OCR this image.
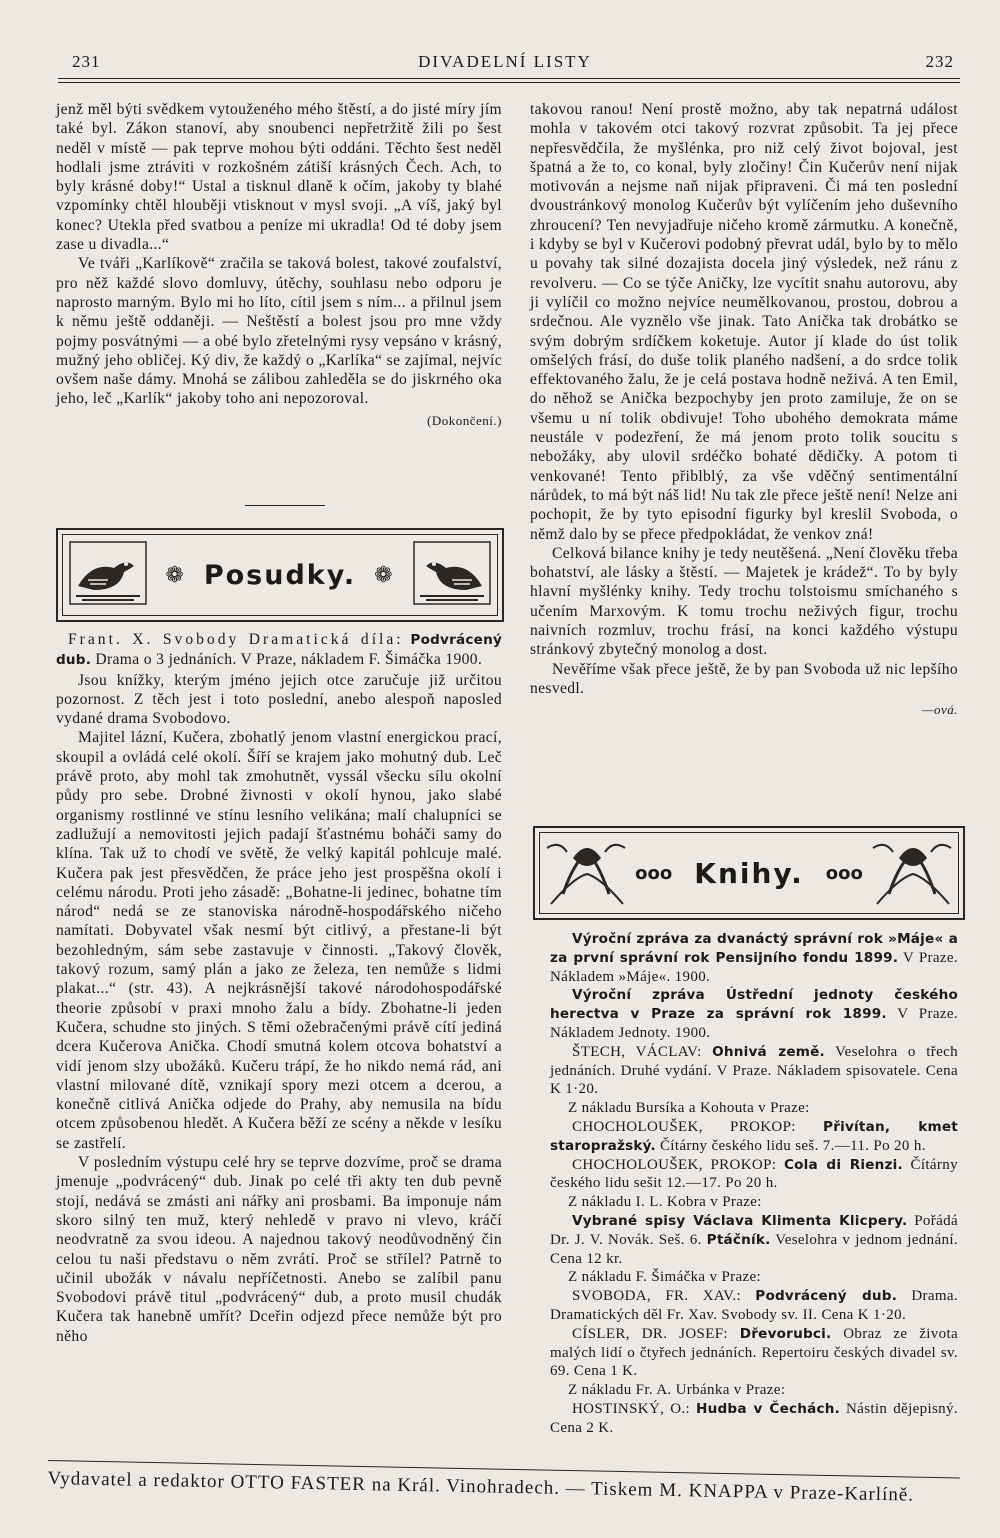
231	DIVADELNÍ LISTY	232

jenž měl býti svědkem vytouženého mého štěstí, a do jisté míry jím také byl. Zákon stanoví, aby snoubenci nepřetržitě žili po šest neděl v místě — pak teprve mohou býti oddáni. Těchto šest neděl hodlali jsme ztráviti v rozkošném zátiší krásných Čech. Ach, to byly krásné doby!“ Ustal a tisknul dlaně k očím, jakoby ty blahé vzpomínky chtěl hlouběji vtisknout v mysl svoji. „A víš, jaký byl konec? Utekla před svatbou a peníze mi ukradla! Od té doby jsem zase u divadla...“

Ve tváři „Karlíkově“ zračila se taková bolest, takové zoufalství, pro něž každé slovo domluvy, útěchy, souhlasu nebo odporu je naprosto marným. Bylo mi ho líto, cítil jsem s ním... a přilnul jsem k němu ještě oddaněji. — Neštěstí a bolest jsou pro mne vždy pojmy posvátnými — a obé bylo zřetelnými rysy vepsáno v krásný, mužný jeho obličej. Ký div, že každý o „Karlíka“ se zajímal, nejvíc ovšem naše dámy. Mnohá se zálibou zahleděla se do jiskrného oka jeho, leč „Karlík“ jakoby toho ani nepozoroval.

(Dokončení.)
❁ Posudky. ❁

Frant. X. Svobody Dramatická díla: Podvrácený dub. Drama o 3 jednáních. V Praze, nákladem F. Šimáčka 1900.

Jsou knížky, kterým jméno jejich otce zaručuje již určitou pozornost. Z těch jest i toto poslední, anebo alespoň naposled vydané drama Svobodovo.

Majitel lázní, Kučera, zbohatlý jenom vlastní energickou prací, skoupil a ovládá celé okolí. Šíří se krajem jako mohutný dub. Leč právě proto, aby mohl tak zmohutnět, vyssál všecku sílu okolní půdy pro sebe. Drobné živnosti v okolí hynou, jako slabé organismy rostlinné ve stínu lesního velikána; malí chalupníci se zadlužují a nemovitosti jejich padají šťastnému boháči samy do klína. Tak už to chodí ve světě, že velký kapitál pohlcuje malé. Kučera pak jest přesvědčen, že práce jeho jest prospěšna okolí i celému národu. Proti jeho zásadě: „Bohatne-li jedinec, bohatne tím národ“ nedá se ze stanoviska národně-hospodářského ničeho namítati. Dobyvatel však nesmí být citlivý, a přestane-li být bezohledným, sám sebe zastavuje v činnosti. „Takový člověk, takový rozum, samý plán a jako ze železa, ten nemůže s lidmi plakat...“ (str. 43). A nejkrásnější takové národohospodářské theorie způsobí v praxi mnoho žalu a bídy. Zbohatne-li jeden Kučera, schudne sto jiných. S těmi ožebračenými právě cítí jediná dcera Kučerova Anička. Chodí smutná kolem otcova bohatství a vidí jenom slzy ubožáků. Kučeru trápí, že ho nikdo nemá rád, ani vlastní milované dítě, vznikají spory mezi otcem a dcerou, a konečně citlivá Anička odjede do Prahy, aby nemusila na bídu otcem způsobenou hledět. A Kučera běží ze scény a někde v lesíku se zastřelí.

V posledním výstupu celé hry se teprve dozvíme, proč se drama jmenuje „podvrácený“ dub. Jinak po celé tři akty ten dub pevně stojí, nedává se zmásti ani nářky ani prosbami. Ba imponuje nám skoro silný ten muž, který nehledě v pravo ni vlevo, kráčí neodvratně za svou ideou. A najednou takový neodůvodněný čin celou tu naši představu o něm zvrátí. Proč se střílel? Patrně to učinil ubožák v návalu nepříčetnosti. Anebo se zalíbil panu Svobodovi právě titul „podvrácený“ dub, a proto musil chudák Kučera tak hanebně umřít? Dceřin odjezd přece nemůže být pro něho

takovou ranou! Není prostě možno, aby tak nepatrná událost mohla v takovém otci takový rozvrat způsobit. Ta jej přece nepřesvědčila, že myšlénka, pro niž celý život bojoval, jest špatná a že to, co konal, byly zločiny! Čin Kučerův není nijak motivován a nejsme naň nijak připraveni. Či má ten poslední dvoustránkový monolog Kučerův být vylíčením jeho duševního zhroucení? Ten nevyjadřuje ničeho kromě zármutku. A konečně, i kdyby se byl v Kučerovi podobný převrat udál, bylo by to mělo u povahy tak silné dozajista docela jiný výsledek, než ránu z revolveru. — Co se týče Aničky, lze vycítit snahu autorovu, aby ji vylíčil co možno nejvíce neumělkovanou, prostou, dobrou a srdečnou. Ale vyznělo vše jinak. Tato Anička tak drobátko se svým dobrým srdíčkem koketuje. Autor jí klade do úst tolik omšelých frásí, do duše tolik planého nadšení, a do srdce tolik effektovaného žalu, že je celá postava hodně neživá. A ten Emil, do něhož se Anička bezpochyby jen proto zamiluje, že on se všemu u ní tolik obdivuje! Toho ubohého demokrata máme neustále v podezření, že má jenom proto tolik soucitu s nebožáky, aby ulovil srdéčko bohaté dědičky. A potom ti venkované! Tento přiblblý, za vše vděčný sentimentální nárůdek, to má být náš lid! Nu tak zle přece ještě není! Nelze ani pochopit, že by tyto episodní figurky byl kreslil Svoboda, o němž dalo by se přece předpokládat, že venkov zná!

Celková bilance knihy je tedy neutěšená. „Není člověku třeba bohatství, ale lásky a štěstí. — Majetek je krádež“. To by byly hlavní myšlénky knihy. Tedy trochu tolstoismu smíchaného s učením Marxovým. K tomu trochu neživých figur, trochu naivních rozmluv, trochu frásí, na konci každého výstupu stránkový zbytečný monolog a dost.

Nevěříme však přece ještě, že by pan Svoboda už nic lepšího nesvedl.

—ová.
ooo Knihy. ooo

Výroční zpráva za dvanáctý správní rok »Máje« a za první správní rok Pensijního fondu 1899. V Praze. Nákladem »Máje«. 1900.

Výroční zpráva Ústřední jednoty českého herectva v Praze za správní rok 1899. V Praze. Nákladem Jednoty. 1900.

ŠTECH, VÁCLAV: Ohnivá země. Veselohra o třech jednáních. Druhé vydání. V Praze. Nákladem spisovatele. Cena K 1·20.

Z nákladu Bursíka a Kohouta v Praze:

CHOCHOLOUŠEK, PROKOP: Přivítan, kmet staropražský. Čítárny českého lidu seš. 7.—11. Po 20 h.

CHOCHOLOUŠEK, PROKOP: Cola di Rienzi. Čítárny českého lidu sešit 12.—17. Po 20 h.

Z nákladu I. L. Kobra v Praze:

Vybrané spisy Václava Klimenta Klicpery. Pořádá Dr. J. V. Novák. Seš. 6. Ptáčník. Veselohra v jednom jednání. Cena 12 kr.

Z nákladu F. Šimáčka v Praze:

SVOBODA, FR. XAV.: Podvrácený dub. Drama. Dramatických děl Fr. Xav. Svobody sv. II. Cena K 1·20.

CÍSLER, DR. JOSEF: Dřevorubci. Obraz ze života malých lidí o čtyřech jednáních. Repertoiru českých divadel sv. 69. Cena 1 K.

Z nákladu Fr. A. Urbánka v Praze:

HOSTINSKÝ, O.: Hudba v Čechách. Nástin dějepisný. Cena 2 K.

Vydavatel a redaktor OTTO FASTER na Král. Vinohradech. — Tiskem M. KNAPPA v Praze-Karlíně.
